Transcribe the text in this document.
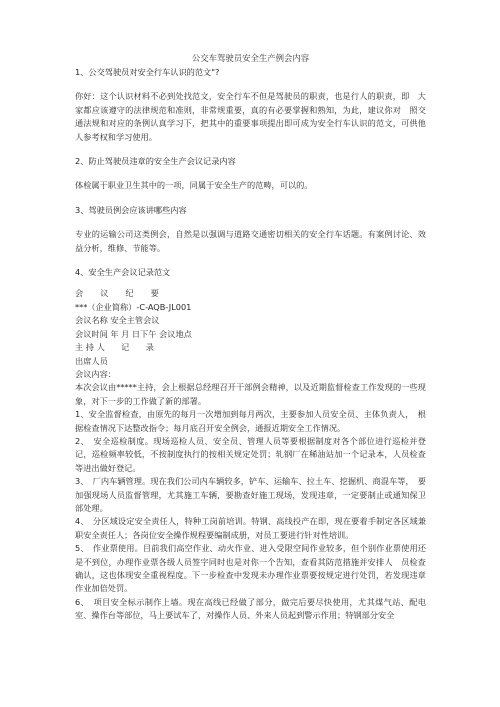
公交车驾驶员安全生产例会内容

1、公交驾驶员对安全行车认识的范文"?

你好：这个认识材料不必到处找范文，安全行车不但是驾驶员的职责，也是行人的职责，即　大家都应该遵守的法律规范和准则，非常规重要，真的有必要掌握和熟知，为此，建议你对　照交通法规和对应的条例认真学习下，把其中的重要事项提出即可成为安全行车认识的范文，可供他人参考权和学习使用。

2、防止驾驶员违章的安全生产会议记录内容

体检属于职业卫生其中的一项，同属于安全生产的范畴，可以的。

3、驾驶员例会应该讲哪些内容

专业的运输公司这类例会，自然是以强调与道路交通密切相关的安全行车话题。有案例讨论、效益分析，维修、节能等。

4、安全生产会议记录范文

会议纪要

***（企业简称）-C-AQB-JL001

会议名称 安全主管会议

会议时间 年 月 日下午 会议地点

主 持 人　　记　　录

出席人员

会议内容：

本次会议由*****主持，会上根据总经理召开干部例会精神，以及近期监督检查工作发现的一些现象，对下一步的工作做了新的部署。

1、安全监督检查，由原先的每月一次增加到每月两次，主要参加人员安全员、主体负责人，　根据检查情况下达整改指令；每月底召开安全例会，通报近期安全工作情况。

2、　安全巡检制度。现场巡检人员、安全员、管理人员等要根据制度对各个部位进行巡检并登记，巡检频率较低，不按制度执行的按相关规定处罚；轧钢厂在稀油站加一个记录本，人员检查等进出做好登记。

3、　厂内车辆管理。现在我们公司内车辆较多，铲车、运输车、拉土车、挖掘机、商混车等，　要加强现场人员监督管理，尤其施工车辆，要勘查好施工现场，发现违章，一定要制止或通知保卫部处理。

4、　分区域设定安全责任人，特种工岗前培训。特钢、高线投产在即，现在要着手制定各区域兼职安全责任人；各岗位安全操作规程要编制成册，对员工要进行针对性培训。

5、　作业票使用。目前我们高空作业、动火作业、进入受限空间作业较多，但个别作业票使用还是不到位，办理作业票各级人员签字同时也是对你一个告知，查看其防范措施并安排人　员检查确认，这也体现安全重视程度。下一步检查中发现未办理作业票要按规定进行处罚，若发现违章作业加倍处罚。

6、　项目安全标示制作上墙。现在高线已经做了部分，做完后要尽快使用，尤其煤气站、配电室、操作台等部位，马上要试车了，对操作人员、外来人员起到警示作用；特钢部分安全
